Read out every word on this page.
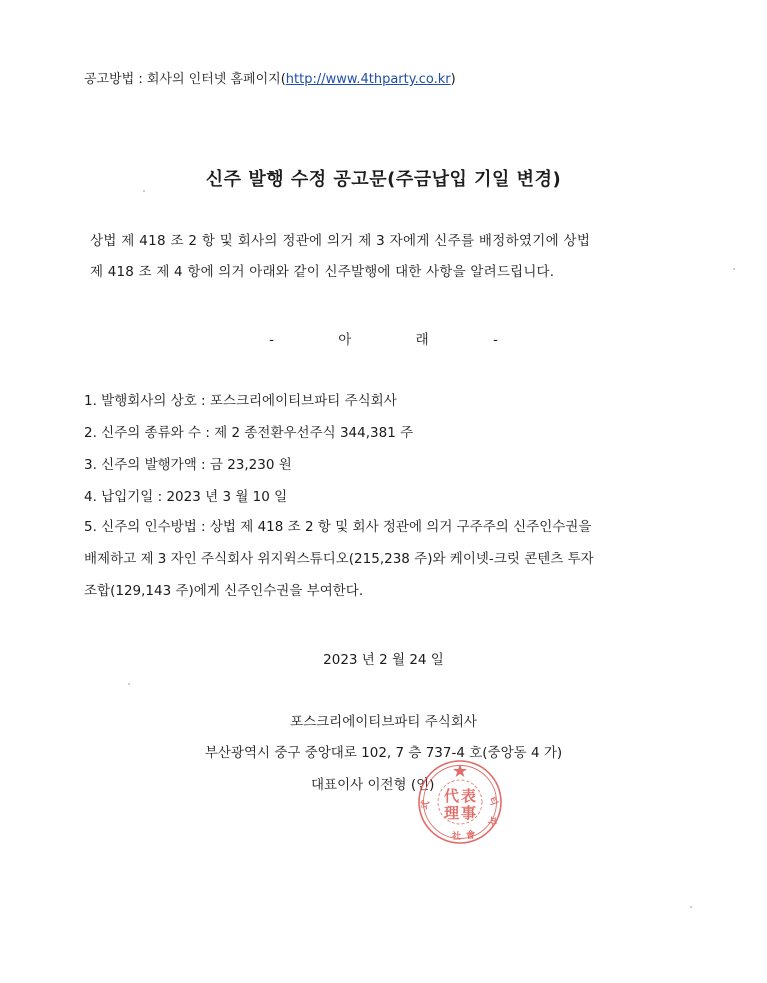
공고방법 : 회사의 인터넷 홈페이지(http://www.4thparty.co.kr)
신주 발행 수정 공고문(주금납입 기일 변경)
상법 제 418 조 2 항 및 회사의 정관에 의거 제 3 자에게 신주를 배정하였기에 상법
제 418 조 제 4 항에 의거 아래와 같이 신주발행에 대한 사항을 알려드립니다.
- 아 래 -
1. 발행회사의 상호 : 포스크리에이티브파티 주식회사
2. 신주의 종류와 수 : 제 2 종전환우선주식 344,381 주
3. 신주의 발행가액 : 금 23,230 원
4. 납입기일 : 2023 년 3 월 10 일
5. 신주의 인수방법 : 상법 제 418 조 2 항 및 회사 정관에 의거 구주주의 신주인수권을
배제하고 제 3 자인 주식회사 위지윅스튜디오(215,238 주)와 케이넷-크릿 콘텐츠 투자
조합(129,143 주)에게 신주인수권을 부여한다.
2023 년 2 월 24 일
포스크리에이티브파티 주식회사
부산광역시 중구 중앙대로 102, 7 층 737-4 호(중앙동 4 가)
대표이사 이전형 (인)
代 表
理 事
式	티
파
社 會
